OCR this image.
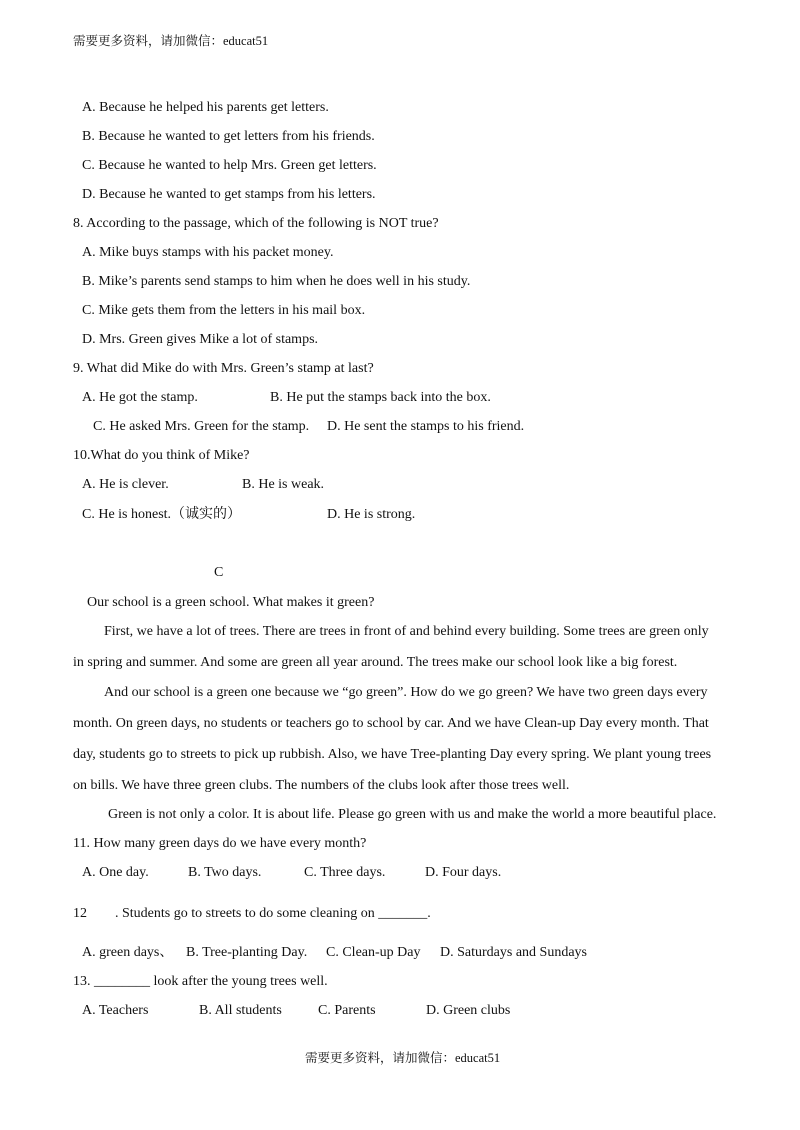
需要更多资料，请加微信：educat51
A. Because he helped his parents get letters.
B. Because he wanted to get letters from his friends.
C. Because he wanted to help Mrs. Green get letters.
D. Because he wanted to get stamps from his letters.
8. According to the passage, which of the following is NOT true?
A. Mike buys stamps with his packet money.
B. Mike’s parents send stamps to him when he does well in his study.
C. Mike gets them from the letters in his mail box.
D. Mrs. Green gives Mike a lot of stamps.
9. What did Mike do with Mrs. Green’s stamp at last?
A. He got the stamp.	B. He put the stamps back into the box.
C. He asked Mrs. Green for the stamp. D. He sent the stamps to his friend.
10.What do you think of Mike?
A. He is clever.	B. He is weak.
C. He is honest.（诚实的）	D. He is strong.
C
Our school is a green school. What makes it green?
First, we have a lot of trees. There are trees in front of and behind every building. Some trees are green only
in spring and summer. And some are green all year around. The trees make our school look like a big forest.
And our school is a green one because we “go green”. How do we go green? We have two green days every
month. On green days, no students or teachers go to school by car. And we have Clean-up Day every month. That
day, students go to streets to pick up rubbish. Also, we have Tree-planting Day every spring. We plant young trees
on bills. We have three green clubs. The numbers of the clubs look after those trees well.
Green is not only a color. It is about life. Please go green with us and make the world a more beautiful place.
11. How many green days do we have every month?
A. One day.	B. Two days.	C. Three days.	D. Four days.
12 . Students go to streets to do some cleaning on _______.
A. green days、 B. Tree-planting Day. C. Clean-up Day D. Saturdays and Sundays
13. ________ look after the young trees well.
A. Teachers	B. All students	C. Parents	D. Green clubs
需要更多资料，请加微信：educat51
